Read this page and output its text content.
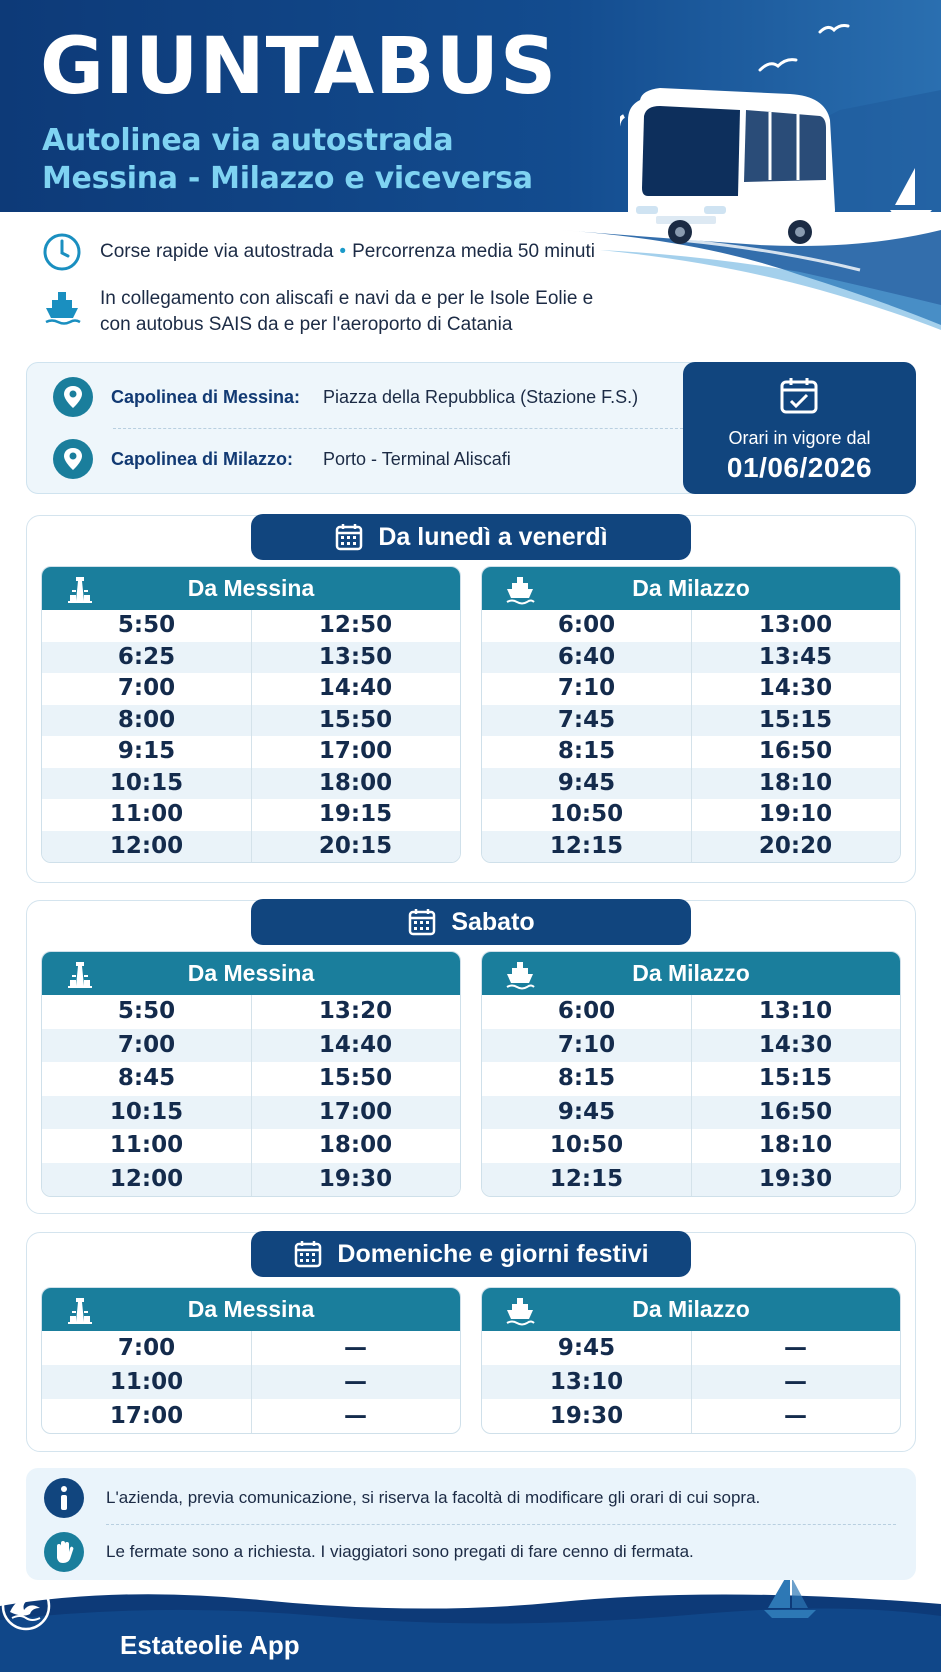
GIUNTABUS
Autolinea via autostrada
Messina - Milazzo e viceversa
Corse rapide via autostrada • Percorrenza media 50 minuti
In collegamento con aliscafi e navi da e per le Isole Eolie e
con autobus SAIS da e per l'aeroporto di Catania
Capolinea di Messina:	Piazza della Repubblica (Stazione F.S.)
Capolinea di Milazzo:	Porto - Terminal Aliscafi
Orari in vigore dal
01/06/2026
Da lunedì a venerdì
Da Messina
5:50	12:50
6:25	13:50
7:00	14:40
8:00	15:50
9:15	17:00
10:15	18:00
11:00	19:15
12:00	20:15
Da Milazzo
6:00	13:00
6:40	13:45
7:10	14:30
7:45	15:15
8:15	16:50
9:45	18:10
10:50	19:10
12:15	20:20
Sabato
Da Messina
5:50	13:20
7:00	14:40
8:45	15:50
10:15	17:00
11:00	18:00
12:00	19:30
Da Milazzo
6:00	13:10
7:10	14:30
8:15	15:15
9:45	16:50
10:50	18:10
12:15	19:30
Domeniche e giorni festivi
Da Messina
7:00	—
11:00	—
17:00	—
Da Milazzo
9:45	—
13:10	—
19:30	—
L'azienda, previa comunicazione, si riserva la facoltà di modificare gli orari di cui sopra.
Le fermate sono a richiesta. I viaggiatori sono pregati di fare cenno di fermata.
Estateolie App
